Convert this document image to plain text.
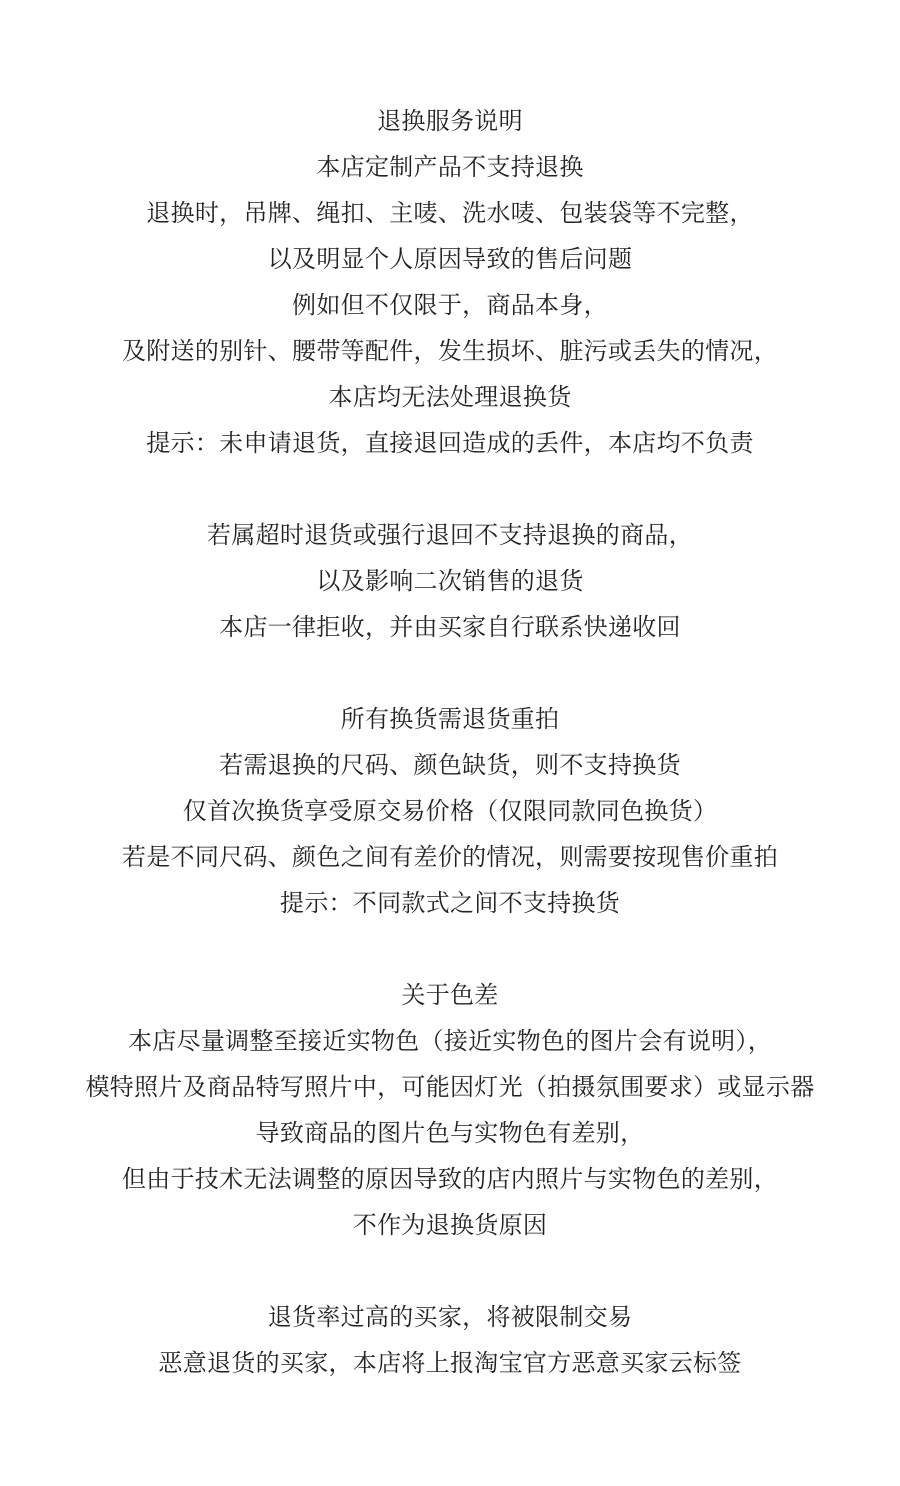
退换服务说明
本店定制产品不支持退换
退换时，吊牌、绳扣、主唛、洗水唛、包装袋等不完整，
以及明显个人原因导致的售后问题
例如但不仅限于，商品本身，
及附送的别针、腰带等配件，发生损坏、脏污或丢失的情况，
本店均无法处理退换货
提示：未申请退货，直接退回造成的丢件，本店均不负责
若属超时退货或强行退回不支持退换的商品，
以及影响二次销售的退货
本店一律拒收，并由买家自行联系快递收回
所有换货需退货重拍
若需退换的尺码、颜色缺货，则不支持换货
仅首次换货享受原交易价格（仅限同款同色换货）
若是不同尺码、颜色之间有差价的情况，则需要按现售价重拍
提示：不同款式之间不支持换货
关于色差
本店尽量调整至接近实物色（接近实物色的图片会有说明），
模特照片及商品特写照片中，可能因灯光（拍摄氛围要求）或显示器
导致商品的图片色与实物色有差别，
但由于技术无法调整的原因导致的店内照片与实物色的差别，
不作为退换货原因
退货率过高的买家，将被限制交易
恶意退货的买家，本店将上报淘宝官方恶意买家云标签
